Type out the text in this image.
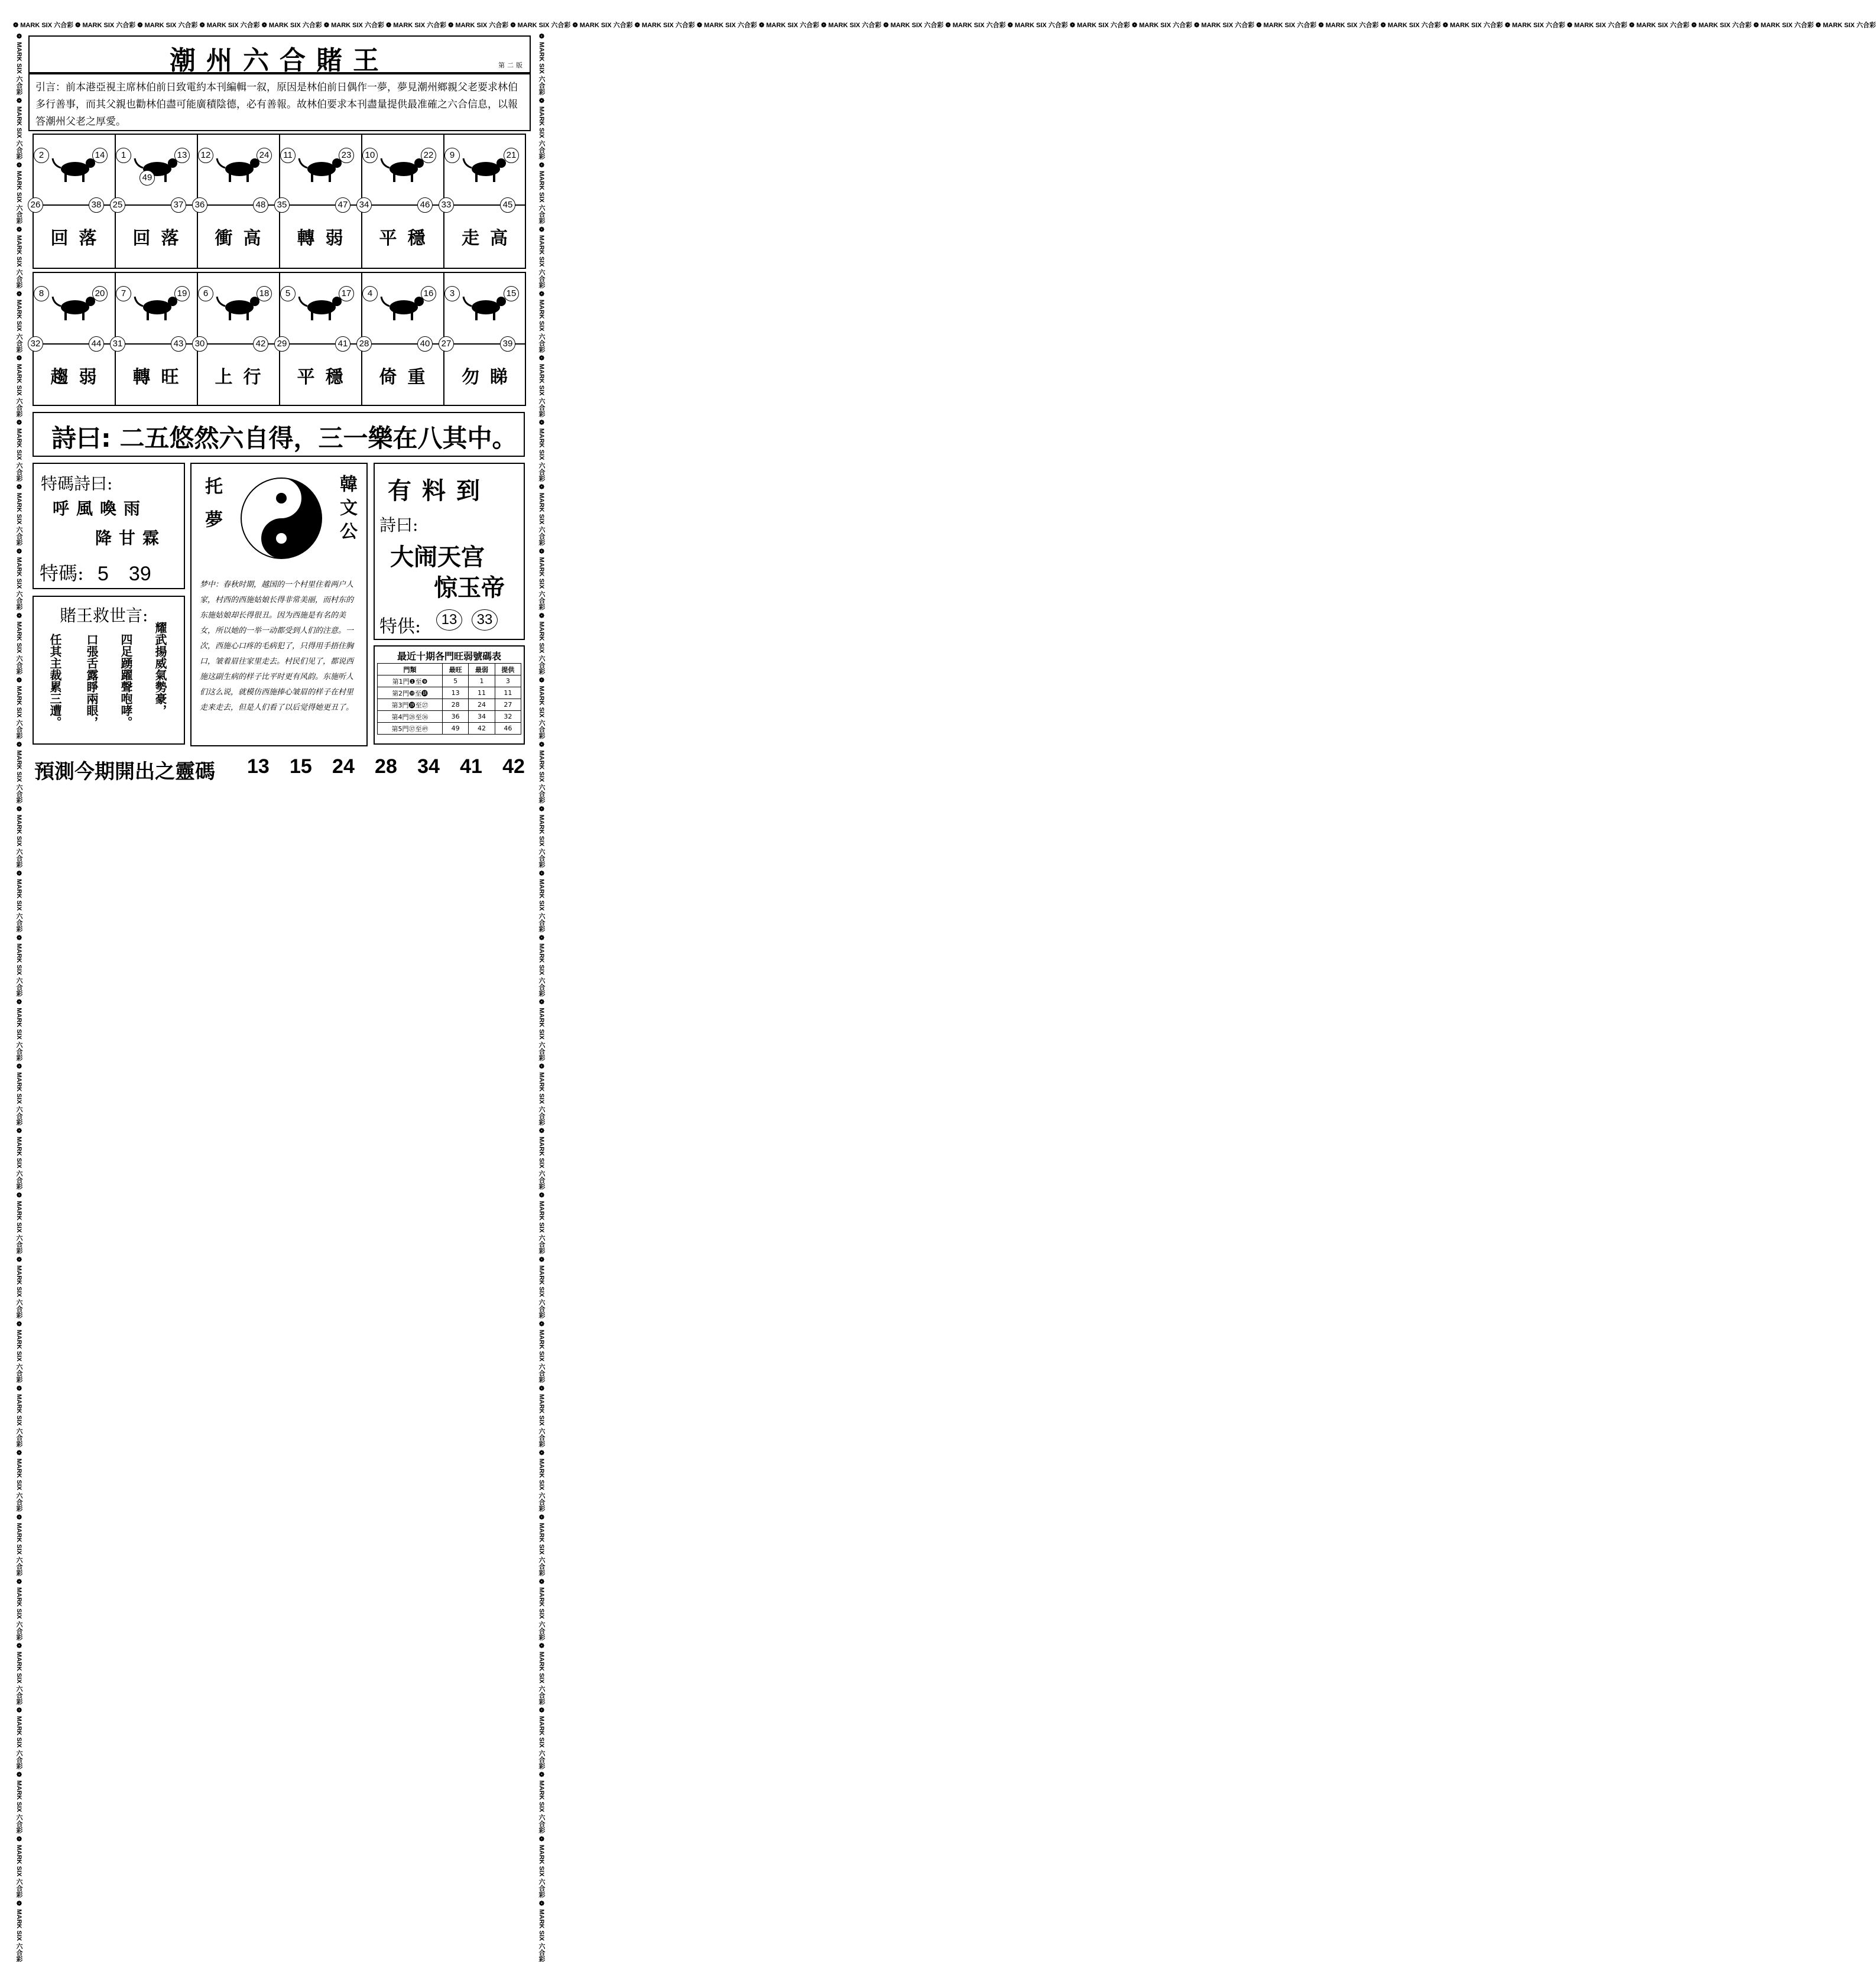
❁ MARK SIX 六合彩 ❁ MARK SIX 六合彩 ❁ MARK SIX 六合彩 ❁ MARK SIX 六合彩 ❁ MARK SIX 六合彩 ❁ MARK SIX 六合彩 ❁ MARK SIX 六合彩 ❁ MARK SIX 六合彩 ❁ MARK SIX 六合彩 ❁ MARK SIX 六合彩 ❁ MARK SIX 六合彩 ❁ MARK SIX 六合彩 ❁ MARK SIX 六合彩 ❁ MARK SIX 六合彩 ❁ MARK SIX 六合彩 ❁ MARK SIX 六合彩 ❁ MARK SIX 六合彩 ❁ MARK SIX 六合彩 ❁ MARK SIX 六合彩 ❁ MARK SIX 六合彩 ❁ MARK SIX 六合彩 ❁ MARK SIX 六合彩 ❁ MARK SIX 六合彩 ❁ MARK SIX 六合彩 ❁ MARK SIX 六合彩 ❁ MARK SIX 六合彩 ❁ MARK SIX 六合彩 ❁ MARK SIX 六合彩 ❁ MARK SIX 六合彩 ❁ MARK SIX 六合彩
❁ MARK SIX 六合彩 ❁ MARK SIX 六合彩 ❁ MARK SIX 六合彩 ❁ MARK SIX 六合彩 ❁ MARK SIX 六合彩 ❁ MARK SIX 六合彩 ❁ MARK SIX 六合彩 ❁ MARK SIX 六合彩 ❁ MARK SIX 六合彩 ❁ MARK SIX 六合彩 ❁ MARK SIX 六合彩 ❁ MARK SIX 六合彩 ❁ MARK SIX 六合彩 ❁ MARK SIX 六合彩 ❁ MARK SIX 六合彩 ❁ MARK SIX 六合彩 ❁ MARK SIX 六合彩 ❁ MARK SIX 六合彩 ❁ MARK SIX 六合彩 ❁ MARK SIX 六合彩 ❁ MARK SIX 六合彩 ❁ MARK SIX 六合彩 ❁ MARK SIX 六合彩 ❁ MARK SIX 六合彩 ❁ MARK SIX 六合彩 ❁ MARK SIX 六合彩 ❁ MARK SIX 六合彩 ❁ MARK SIX 六合彩 ❁ MARK SIX 六合彩 ❁ MARK SIX 六合彩	❁ MARK SIX 六合彩 ❁ MARK SIX 六合彩 ❁ MARK SIX 六合彩 ❁ MARK SIX 六合彩 ❁ MARK SIX 六合彩 ❁ MARK SIX 六合彩 ❁ MARK SIX 六合彩 ❁ MARK SIX 六合彩 ❁ MARK SIX 六合彩 ❁ MARK SIX 六合彩 ❁ MARK SIX 六合彩 ❁ MARK SIX 六合彩 ❁ MARK SIX 六合彩 ❁ MARK SIX 六合彩 ❁ MARK SIX 六合彩 ❁ MARK SIX 六合彩 ❁ MARK SIX 六合彩 ❁ MARK SIX 六合彩 ❁ MARK SIX 六合彩 ❁ MARK SIX 六合彩 ❁ MARK SIX 六合彩 ❁ MARK SIX 六合彩 ❁ MARK SIX 六合彩 ❁ MARK SIX 六合彩 ❁ MARK SIX 六合彩 ❁ MARK SIX 六合彩 ❁ MARK SIX 六合彩 ❁ MARK SIX 六合彩 ❁ MARK SIX 六合彩 ❁ MARK SIX 六合彩
潮州六合賭王	第二版
引言：前本港亞視主席林伯前日致電約本刊編輯一叙，原因是林伯前日偶作一夢，夢見潮州鄉親父老要求林伯多行善事，而其父親也勸林伯盡可能廣積陰德，必有善報。故林伯要求本刊盡量提供最准確之六合信息，以報答潮州父老之厚愛。
2	14
26	38
回落
1	13
25	37
49
回落
12	24
36	48
衝高
11	23
35	47
轉弱
10	22
34	46
平穩
9	21
33	45
走高
8	20
32	44
趨弱
7	19
31	43
轉旺
6	18
30	42
上行
5	17
29	41
平穩
4	16
28	40
倚重
3	15
27	39
勿睇
詩曰: 二五悠然六自得，三一樂在八其中。
特碼詩曰:
呼風喚雨
降甘霖
特碼: 5　39
托夢	韓文公
梦中：春秋时期，越国的一个村里住着两户人家，村西的西施姑娘长得非常美丽，而村东的东施姑娘却长得很丑。因为西施是有名的美女，所以她的一举一动都受到人们的注意。一次，西施心口疼的毛病犯了，只得用手捂住胸口，皱着眉往家里走去。村民们见了，都说西施这副生病的样子比平时更有风韵。东施听人们这么说，就模仿西施捧心皱眉的样子在村里走来走去，但是人们看了以后觉得她更丑了。
賭王救世言:
任其主裁累三遭。 口張舌露睜兩眼， 四足踴躍聲咆哮。 耀武揚威氣勢豪，
有料到
詩曰:
大闹天宫
惊玉帝
特供:	13	33
最近十期各門旺弱號碼表
門類	最旺	最弱	提供
第1門❶至❾	5	1	3
第2門❿至⓲	13	11	11
第3門⓳至㉗	28	24	27
第4門㉘至㊱	36	34	32
第5門㊲至㊾	49	42	46
預測今期開出之靈碼 13 15 24 28 34 41 42
